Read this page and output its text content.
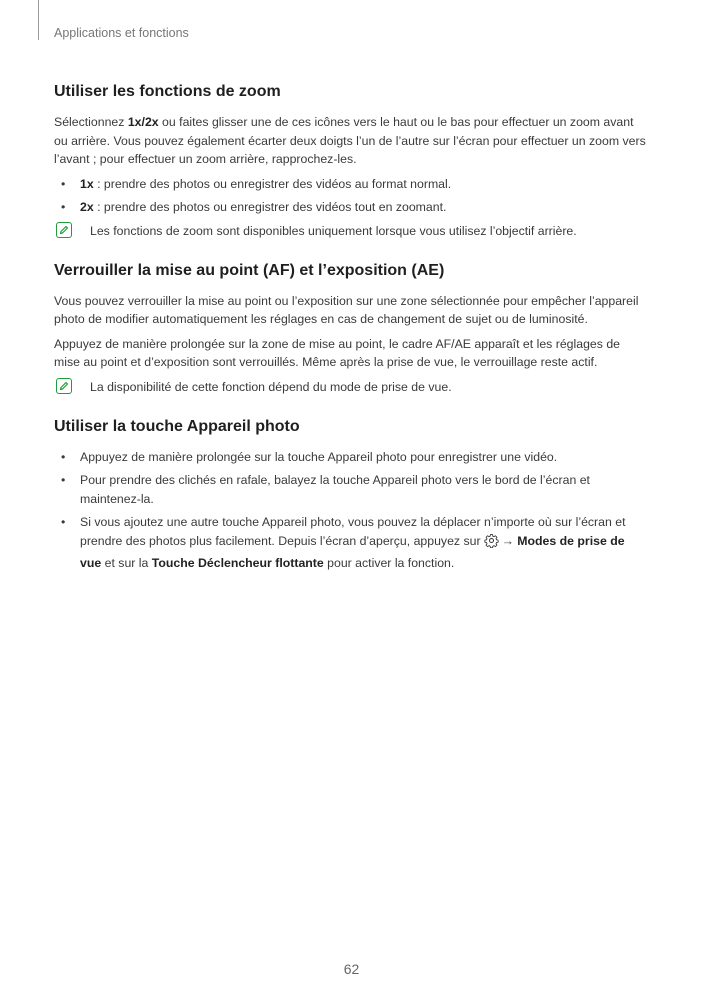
Applications et fonctions
Utiliser les fonctions de zoom

Sélectionnez 1x/2x ou faites glisser une de ces icônes vers le haut ou le bas pour effectuer un zoom avant ou arrière. Vous pouvez également écarter deux doigts l’un de l’autre sur l’écran pour effectuer un zoom vers l’avant ; pour effectuer un zoom arrière, rapprochez-les.

• 1x : prendre des photos ou enregistrer des vidéos au format normal.
• 2x : prendre des photos ou enregistrer des vidéos tout en zoomant.
Les fonctions de zoom sont disponibles uniquement lorsque vous utilisez l’objectif arrière.
Verrouiller la mise au point (AF) et l’exposition (AE)

Vous pouvez verrouiller la mise au point ou l’exposition sur une zone sélectionnée pour empêcher l’appareil photo de modifier automatiquement les réglages en cas de changement de sujet ou de luminosité.

Appuyez de manière prolongée sur la zone de mise au point, le cadre AF/AE apparaît et les réglages de mise au point et d’exposition sont verrouillés. Même après la prise de vue, le verrouillage reste actif.

La disponibilité de cette fonction dépend du mode de prise de vue.
Utiliser la touche Appareil photo
• Appuyez de manière prolongée sur la touche Appareil photo pour enregistrer une vidéo.
• Pour prendre des clichés en rafale, balayez la touche Appareil photo vers le bord de l’écran et maintenez-la.
• Si vous ajoutez une autre touche Appareil photo, vous pouvez la déplacer n’importe où sur l’écran et prendre des photos plus facilement. Depuis l’écran d’aperçu, appuyez sur → Modes de prise de vue et sur la Touche Déclencheur flottante pour activer la fonction.
62
